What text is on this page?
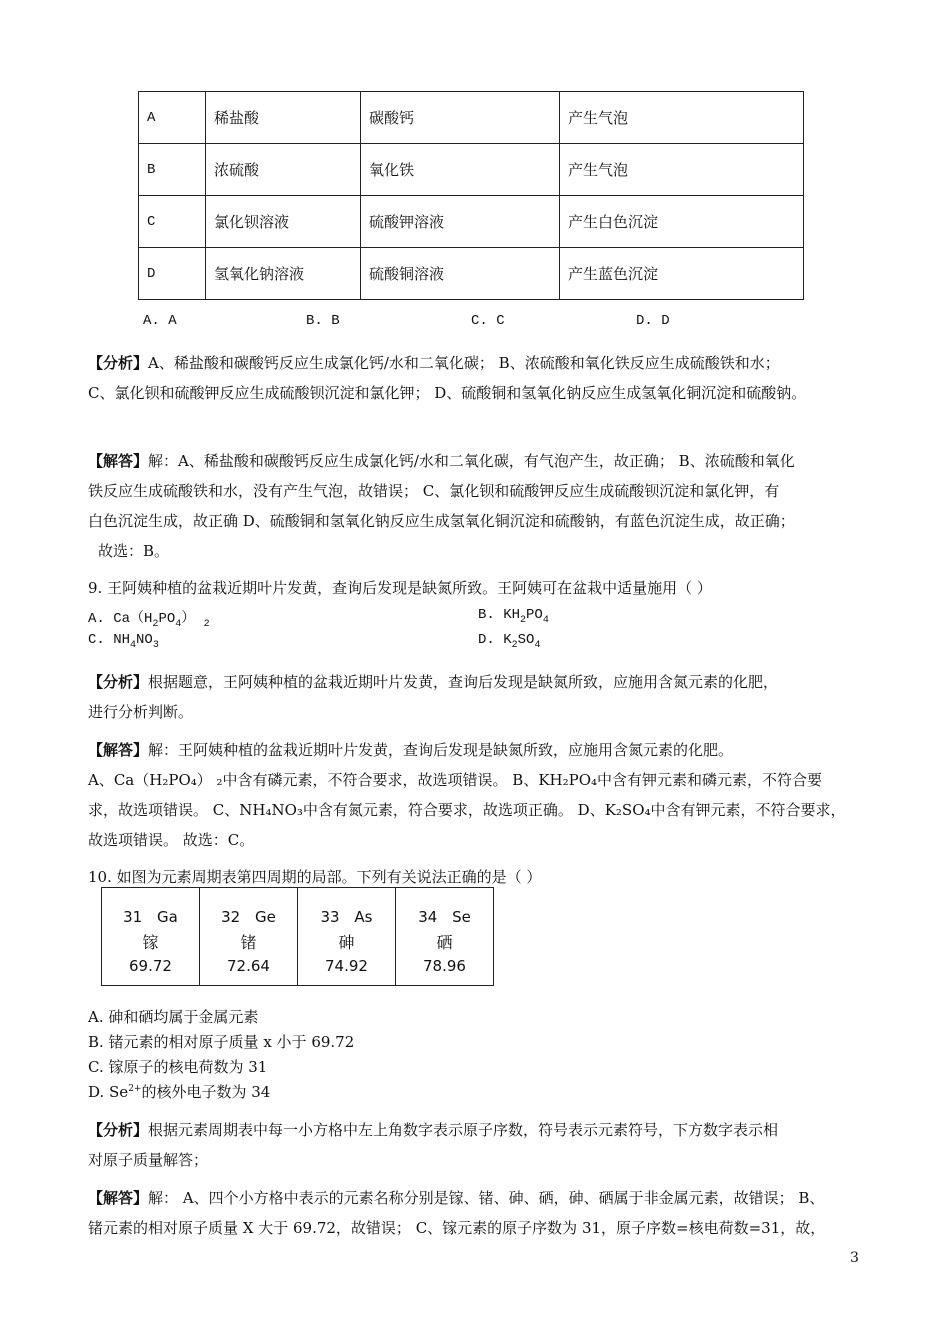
A	稀盐酸	碳酸钙	产生气泡
B	浓硫酸	氧化铁	产生气泡
C	氯化钡溶液	硫酸钾溶液	产生白色沉淀
D	氢氧化钠溶液	硫酸铜溶液	产生蓝色沉淀
A. A	B. B	C. C	D. D
【分析】A、稀盐酸和碳酸钙反应生成氯化钙/水和二氧化碳； B、浓硫酸和氧化铁反应生成硫酸铁和水；
C、氯化钡和硫酸钾反应生成硫酸钡沉淀和氯化钾； D、硫酸铜和氢氧化钠反应生成氢氧化铜沉淀和硫酸钠。
【解答】解：A、稀盐酸和碳酸钙反应生成氯化钙/水和二氧化碳，有气泡产生，故正确； B、浓硫酸和氧化
铁反应生成硫酸铁和水，没有产生气泡，故错误； C、氯化钡和硫酸钾反应生成硫酸钡沉淀和氯化钾，有
白色沉淀生成，故正确 D、硫酸铜和氢氧化钠反应生成氢氧化铜沉淀和硫酸钠，有蓝色沉淀生成，故正确；
故选：B。
9. 王阿姨种植的盆栽近期叶片发黄，查询后发现是缺氮所致。王阿姨可在盆栽中适量施用（ ）
A. $Ca(H_2PO_4)$ $_2$
B. $KH_2PO_4$
C. $NH_4NO_3$	D. $K_2SO_4$
【分析】根据题意，王阿姨种植的盆栽近期叶片发黄，查询后发现是缺氮所致，应施用含氮元素的化肥，
进行分析判断。
【解答】解：王阿姨种植的盆栽近期叶片发黄，查询后发现是缺氮所致，应施用含氮元素的化肥。
A、Ca（H₂PO₄） ₂中含有磷元素，不符合要求，故选项错误。 B、KH₂PO₄中含有钾元素和磷元素，不符合要
求，故选项错误。 C、NH₄NO₃中含有氮元素，符合要求，故选项正确。 D、K₂SO₄中含有钾元素，不符合要求，
故选项错误。 故选：C。
10. 如图为元素周期表第四周期的局部。下列有关说法正确的是（ ）
31 Ga
镓
69.72

32 Ge
锗
72.64

33 As
砷
74.92

34 Se
硒
78.96
A. 砷和硒均属于金属元素
B. 锗元素的相对原子质量 x 小于 69.72
C. 镓原子的核电荷数为 31
D. $Se^{2+}$的核外电子数为 34
【分析】根据元素周期表中每一小方格中左上角数字表示原子序数，符号表示元素符号，下方数字表示相
对原子质量解答；
【解答】解： A、四个小方格中表示的元素名称分别是镓、锗、砷、硒，砷、硒属于非金属元素，故错误； B、
锗元素的相对原子质量 X 大于 69.72，故错误； C、镓元素的原子序数为 31，原子序数=核电荷数=31，故，
3
